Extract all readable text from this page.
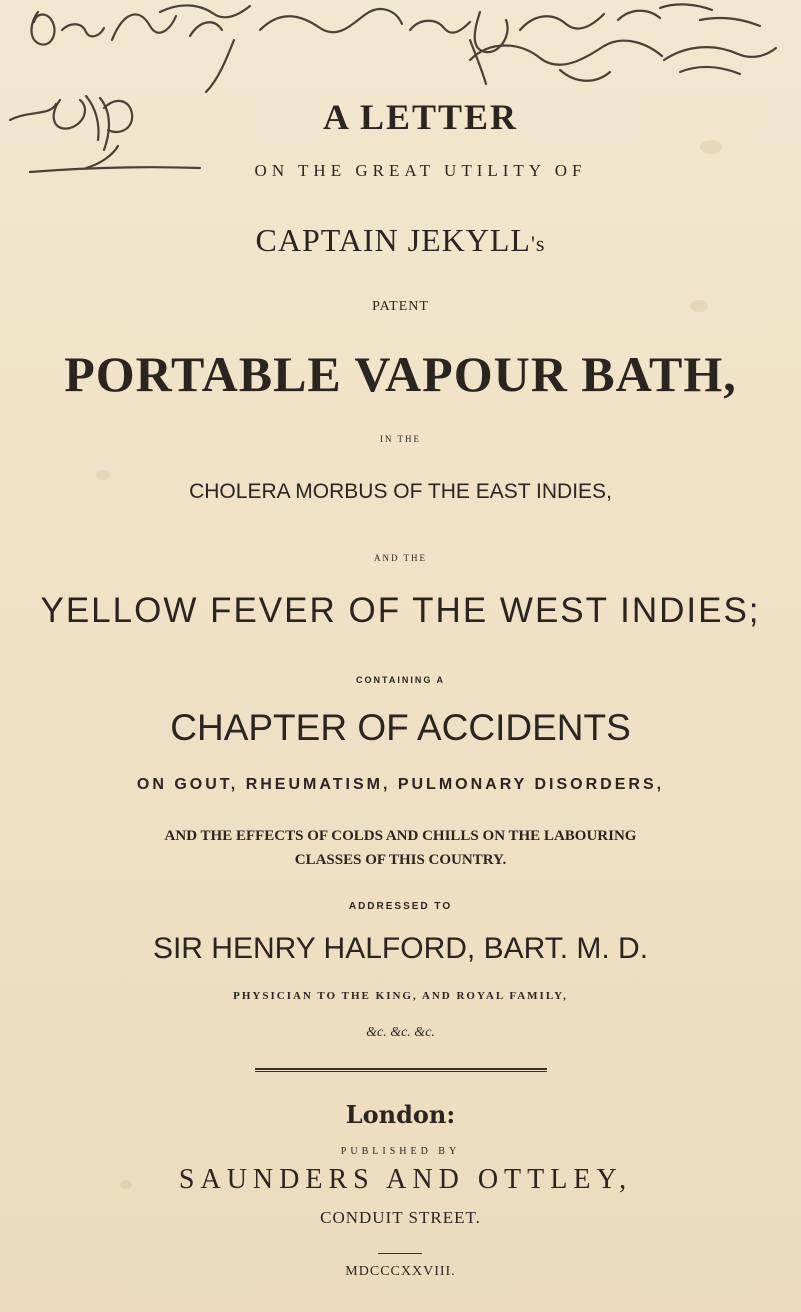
A LETTER
ON THE GREAT UTILITY OF
CAPTAIN JEKYLL's
PATENT
PORTABLE VAPOUR BATH,
IN THE
CHOLERA MORBUS OF THE EAST INDIES,
AND THE
YELLOW FEVER OF THE WEST INDIES;
CONTAINING A
CHAPTER OF ACCIDENTS
ON GOUT, RHEUMATISM, PULMONARY DISORDERS,
AND THE EFFECTS OF COLDS AND CHILLS ON THE LABOURING
CLASSES OF THIS COUNTRY.
ADDRESSED TO
SIR HENRY HALFORD, BART. M. D.
PHYSICIAN TO THE KING, AND ROYAL FAMILY,
&c. &c. &c.
London:
PUBLISHED BY
SAUNDERS AND OTTLEY,
CONDUIT STREET.
MDCCCXXVIII.
